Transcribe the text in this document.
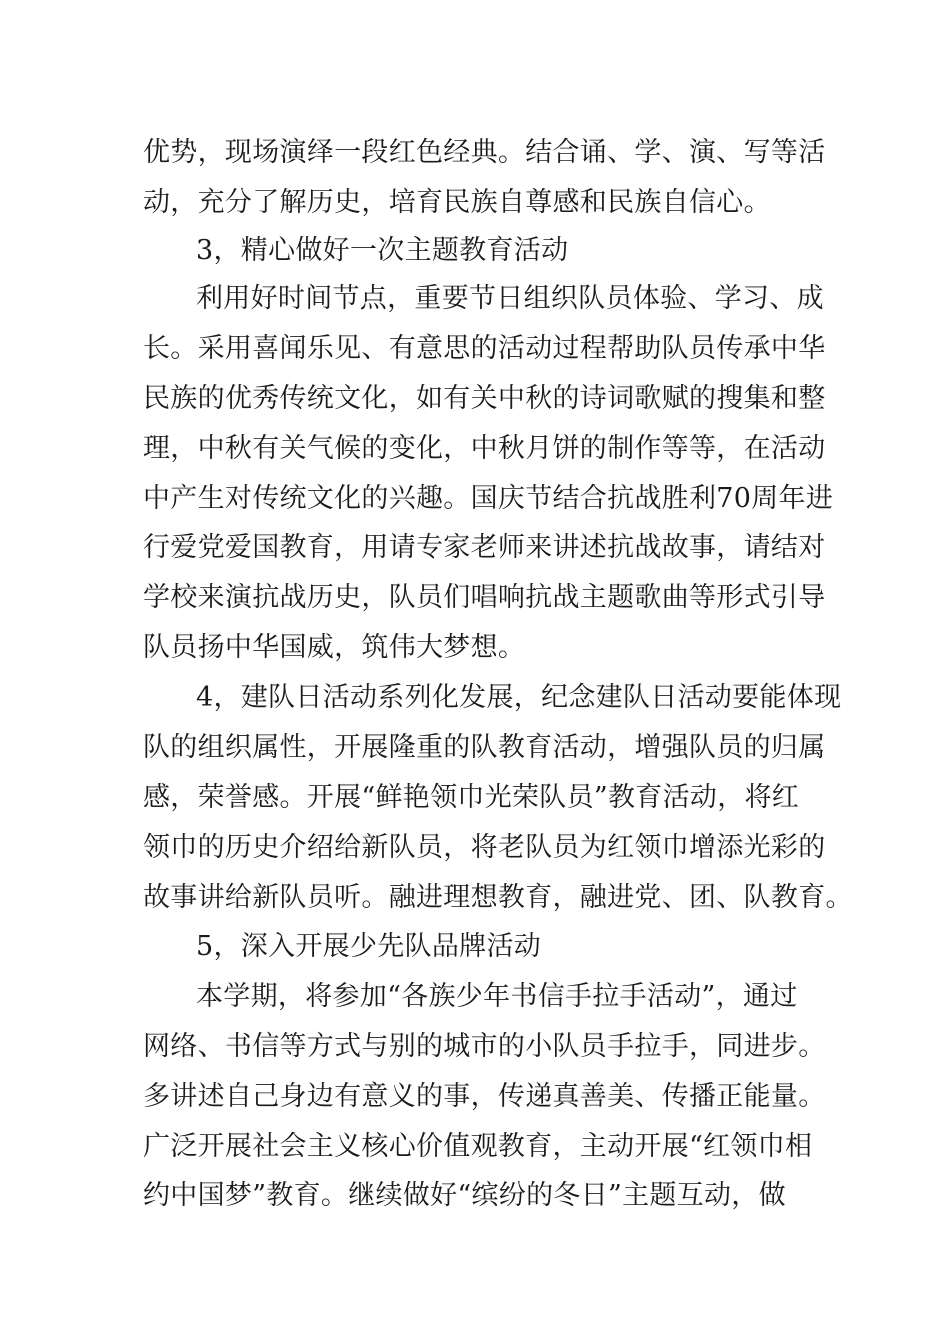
优势，现场演绎一段红色经典。结合诵、学、演、写等活
动，充分了解历史，培育民族自尊感和民族自信心。
3，精心做好一次主题教育活动
利用好时间节点，重要节日组织队员体验、学习、成
长。采用喜闻乐见、有意思的活动过程帮助队员传承中华
民族的优秀传统文化，如有关中秋的诗词歌赋的搜集和整
理，中秋有关气候的变化，中秋月饼的制作等等，在活动
中产生对传统文化的兴趣。国庆节结合抗战胜利70周年进
行爱党爱国教育，用请专家老师来讲述抗战故事，请结对
学校来演抗战历史，队员们唱响抗战主题歌曲等形式引导
队员扬中华国威，筑伟大梦想。
4，建队日活动系列化发展，纪念建队日活动要能体现
队的组织属性，开展隆重的队教育活动，增强队员的归属
感，荣誉感。开展“鲜艳领巾光荣队员”教育活动，将红
领巾的历史介绍给新队员，将老队员为红领巾增添光彩的
故事讲给新队员听。融进理想教育，融进党、团、队教育。
5，深入开展少先队品牌活动
本学期，将参加“各族少年书信手拉手活动”，通过
网络、书信等方式与别的城市的小队员手拉手，同进步。
多讲述自己身边有意义的事，传递真善美、传播正能量。
广泛开展社会主义核心价值观教育，主动开展“红领巾相
约中国梦”教育。继续做好“缤纷的冬日”主题互动，做
